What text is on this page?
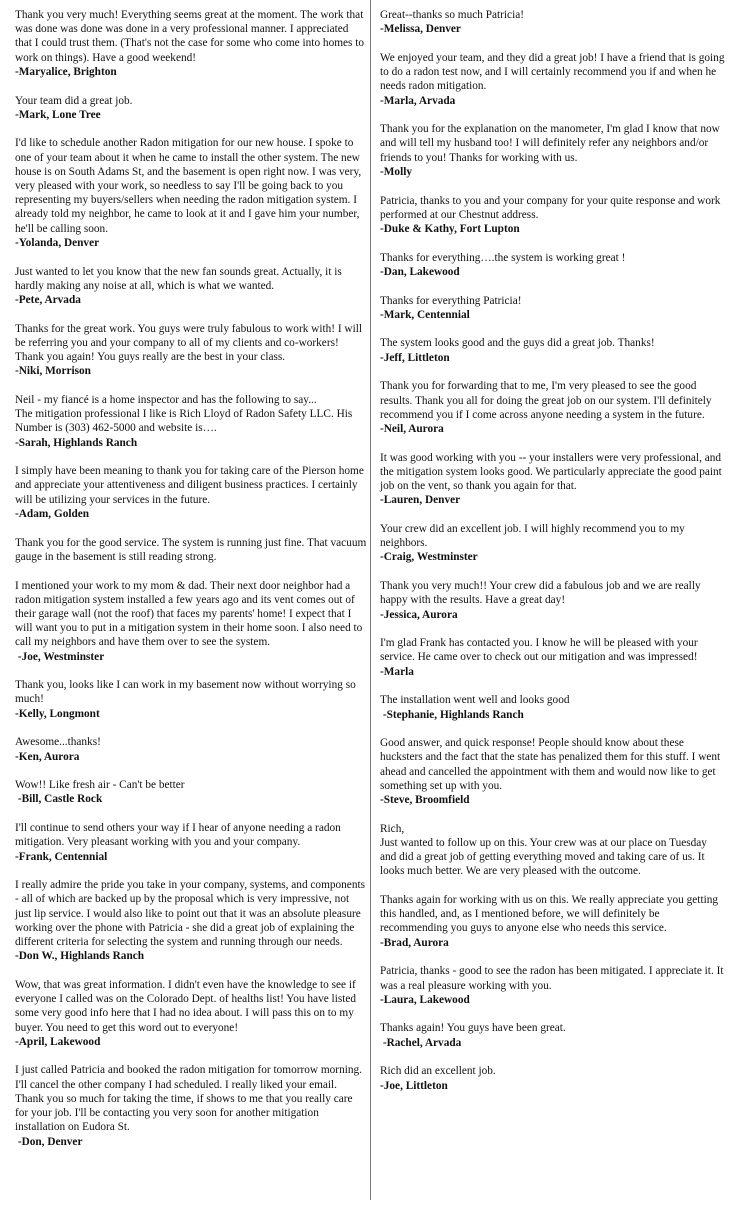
Thank you very much! Everything seems great at the moment. The work that was done was done was done in a very professional manner. I appreciated that I could trust them. (That's not the case for some who come into homes to work on things). Have a good weekend!
-Maryalice, Brighton
Your team did a great job.
-Mark, Lone Tree
I'd like to schedule another Radon mitigation for our new house. I spoke to one of your team about it when he came to install the other system. The new house is on South Adams St, and the basement is open right now. I was very, very pleased with your work, so needless to say I'll be going back to you representing my buyers/sellers when needing the radon mitigation system. I already told my neighbor, he came to look at it and I gave him your number, he'll be calling soon.
-Yolanda, Denver
Just wanted to let you know that the new fan sounds great. Actually, it is hardly making any noise at all, which is what we wanted.
-Pete, Arvada
Thanks for the great work. You guys were truly fabulous to work with! I will be referring you and your company to all of my clients and co-workers! Thank you again! You guys really are the best in your class.
-Niki, Morrison
Neil - my fiancé is a home inspector and has the following to say...
The mitigation professional I like is Rich Lloyd of Radon Safety LLC. His Number is (303) 462-5000 and website is….
-Sarah, Highlands Ranch
I simply have been meaning to thank you for taking care of the Pierson home and appreciate your attentiveness and diligent business practices. I certainly will be utilizing your services in the future.
-Adam, Golden
Thank you for the good service. The system is running just fine. That vacuum gauge in the basement is still reading strong.
I mentioned your work to my mom & dad. Their next door neighbor had a radon mitigation system installed a few years ago and its vent comes out of their garage wall (not the roof) that faces my parents' home! I expect that I will want you to put in a mitigation system in their home soon. I also need to call my neighbors and have them over to see the system.
-Joe, Westminster
Thank you, looks like I can work in my basement now without worrying so much!
-Kelly, Longmont
Awesome...thanks!
-Ken, Aurora
Wow!! Like fresh air - Can't be better
-Bill, Castle Rock
I'll continue to send others your way if I hear of anyone needing a radon mitigation. Very pleasant working with you and your company.
-Frank, Centennial
I really admire the pride you take in your company, systems, and components - all of which are backed up by the proposal which is very impressive, not just lip service. I would also like to point out that it was an absolute pleasure working over the phone with Patricia - she did a great job of explaining the different criteria for selecting the system and running through our needs.
-Don W., Highlands Ranch
Wow, that was great information. I didn't even have the knowledge to see if everyone I called was on the Colorado Dept. of healths list! You have listed some very good info here that I had no idea about. I will pass this on to my buyer. You need to get this word out to everyone!
-April, Lakewood
I just called Patricia and booked the radon mitigation for tomorrow morning. I'll cancel the other company I had scheduled. I really liked your email. Thank you so much for taking the time, if shows to me that you really care for your job. I'll be contacting you very soon for another mitigation installation on Eudora St.
-Don, Denver
Great--thanks so much Patricia!
-Melissa, Denver
We enjoyed your team, and they did a great job! I have a friend that is going to do a radon test now, and I will certainly recommend you if and when he needs radon mitigation.
-Marla, Arvada
Thank you for the explanation on the manometer, I'm glad I know that now and will tell my husband too! I will definitely refer any neighbors and/or friends to you! Thanks for working with us.
-Molly
Patricia, thanks to you and your company for your quite response and work performed at our Chestnut address.
-Duke & Kathy, Fort Lupton
Thanks for everything….the system is working great !
-Dan, Lakewood
Thanks for everything Patricia!
-Mark, Centennial
The system looks good and the guys did a great job. Thanks!
-Jeff, Littleton
Thank you for forwarding that to me, I'm very pleased to see the good results. Thank you all for doing the great job on our system. I'll definitely recommend you if I come across anyone needing a system in the future.
-Neil, Aurora
It was good working with you -- your installers were very professional, and the mitigation system looks good. We particularly appreciate the good paint job on the vent, so thank you again for that.
-Lauren, Denver
Your crew did an excellent job. I will highly recommend you to my neighbors.
-Craig, Westminster
Thank you very much!! Your crew did a fabulous job and we are really happy with the results. Have a great day!
-Jessica, Aurora
I'm glad Frank has contacted you. I know he will be pleased with your service. He came over to check out our mitigation and was impressed!
-Marla
The installation went well and looks good
-Stephanie, Highlands Ranch
Good answer, and quick response! People should know about these hucksters and the fact that the state has penalized them for this stuff. I went ahead and cancelled the appointment with them and would now like to get something set up with you.
-Steve, Broomfield
Rich,
Just wanted to follow up on this. Your crew was at our place on Tuesday and did a great job of getting everything moved and taking care of us. It looks much better. We are very pleased with the outcome.
Thanks again for working with us on this. We really appreciate you getting this handled, and, as I mentioned before, we will definitely be recommending you guys to anyone else who needs this service.
-Brad, Aurora
Patricia, thanks - good to see the radon has been mitigated. I appreciate it. It was a real pleasure working with you.
-Laura, Lakewood
Thanks again! You guys have been great.
-Rachel, Arvada
Rich did an excellent job.
-Joe, Littleton
